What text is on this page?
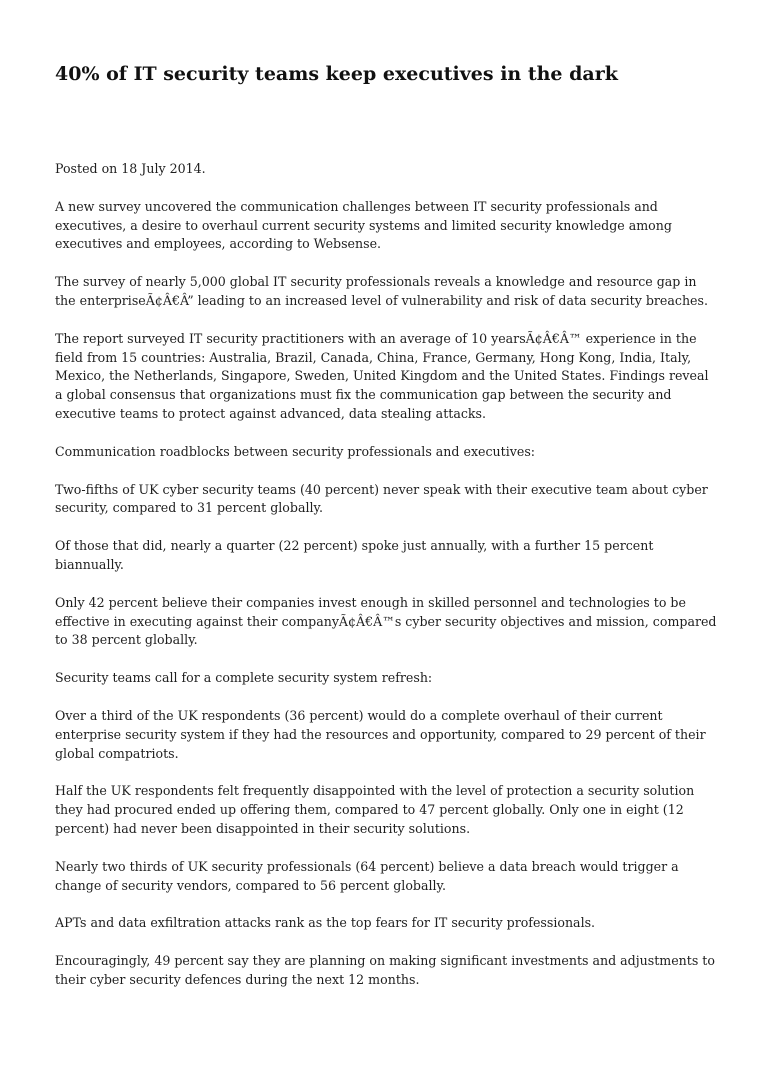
40% of IT security teams keep executives in the dark

Posted on 18 July 2014.

A new survey uncovered the communication challenges between IT security professionals and executives, a desire to overhaul current security systems and limited security knowledge among executives and employees, according to Websense.

The survey of nearly 5,000 global IT security professionals reveals a knowledge and resource gap in the enterpriseÃ¢Â€Â” leading to an increased level of vulnerability and risk of data security breaches.

The report surveyed IT security practitioners with an average of 10 yearsÃ¢Â€Â™ experience in the field from 15 countries: Australia, Brazil, Canada, China, France, Germany, Hong Kong, India, Italy, Mexico, the Netherlands, Singapore, Sweden, United Kingdom and the United States. Findings reveal a global consensus that organizations must fix the communication gap between the security and executive teams to protect against advanced, data stealing attacks.

Communication roadblocks between security professionals and executives:

Two-fifths of UK cyber security teams (40 percent) never speak with their executive team about cyber security, compared to 31 percent globally.

Of those that did, nearly a quarter (22 percent) spoke just annually, with a further 15 percent biannually.

Only 42 percent believe their companies invest enough in skilled personnel and technologies to be effective in executing against their companyÃ¢Â€Â™s cyber security objectives and mission, compared to 38 percent globally.

Security teams call for a complete security system refresh:

Over a third of the UK respondents (36 percent) would do a complete overhaul of their current enterprise security system if they had the resources and opportunity, compared to 29 percent of their global compatriots.

Half the UK respondents felt frequently disappointed with the level of protection a security solution they had procured ended up offering them, compared to 47 percent globally. Only one in eight (12 percent) had never been disappointed in their security solutions.

Nearly two thirds of UK security professionals (64 percent) believe a data breach would trigger a change of security vendors, compared to 56 percent globally.

APTs and data exfiltration attacks rank as the top fears for IT security professionals.

Encouragingly, 49 percent say they are planning on making significant investments and adjustments to their cyber security defences during the next 12 months.
